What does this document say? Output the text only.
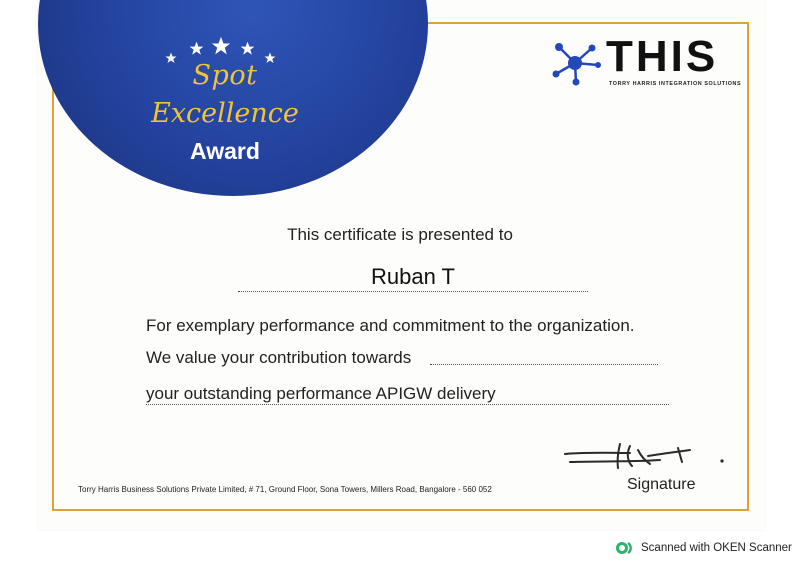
Spot
Excellence
Award
THIS
TORRY HARRIS INTEGRATION SOLUTIONS
This certificate is presented to
Ruban T
For exemplary performance and commitment to the organization.
We value your contribution towards
your outstanding performance APIGW delivery
Signature
Torry Harris Business Solutions Private Limited, # 71, Ground Floor, Sona Towers, Millers Road, Bangalore - 560 052
Scanned with OKEN Scanner
